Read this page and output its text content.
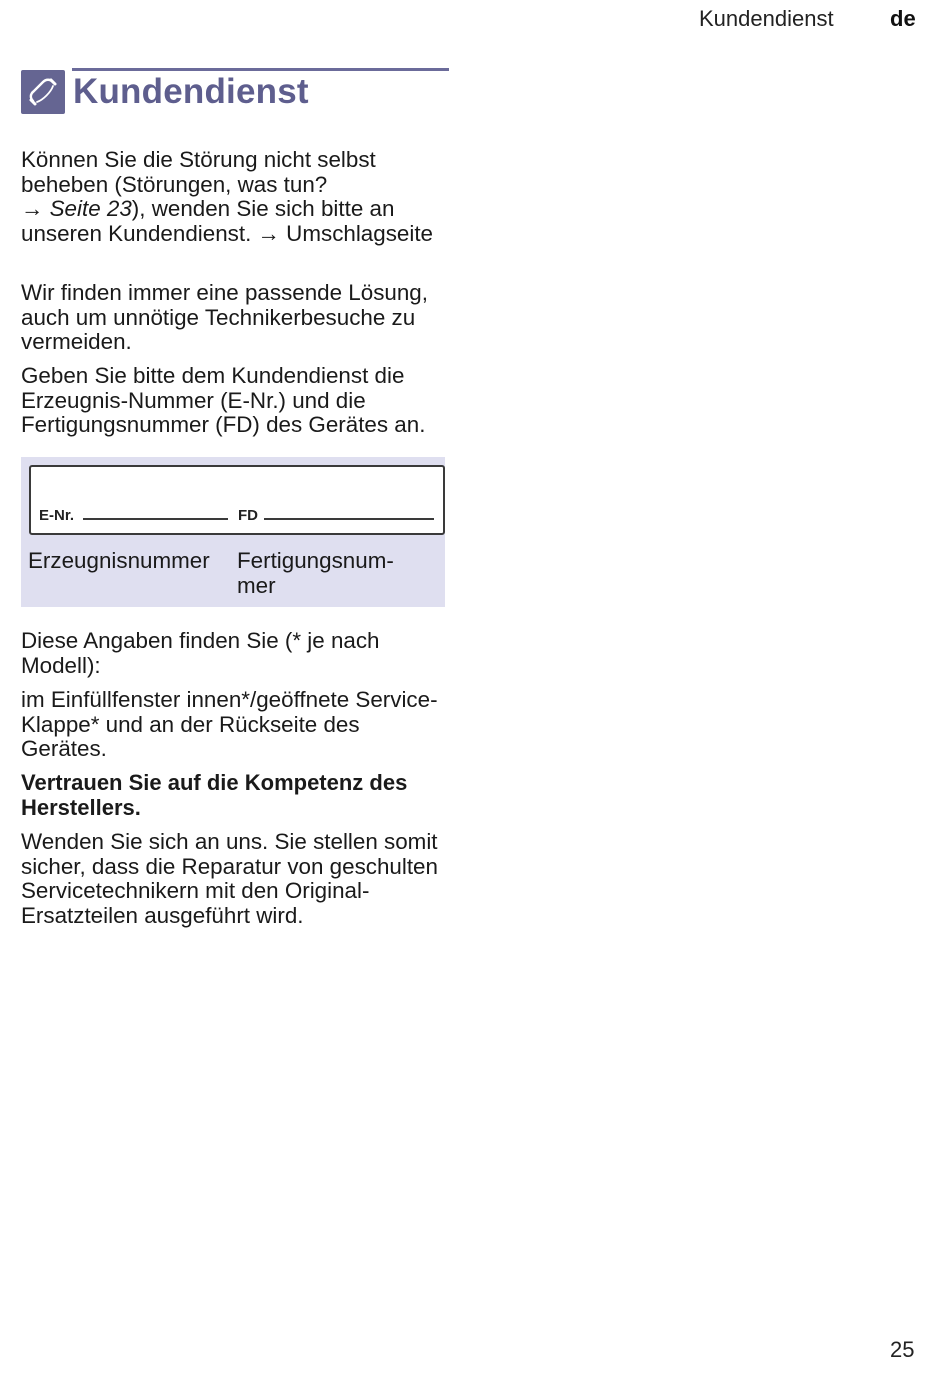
Kundendienst	de
Kundendienst
Können Sie die Störung nicht selbst beheben (Störungen, was tun?
→ Seite 23), wenden Sie sich bitte an unseren Kundendienst. → Umschlagseite
Wir finden immer eine passende Lösung, auch um unnötige Technikerbesuche zu vermeiden.
Geben Sie bitte dem Kundendienst die Erzeugnis-Nummer (E-Nr.) und die Fertigungsnummer (FD) des Gerätes an.
E-Nr.	FD
Erzeugnisnummer	Fertigungsnum-
mer
Diese Angaben finden Sie (* je nach Modell):
im Einfüllfenster innen*/geöffnete Service-Klappe* und an der Rückseite des Gerätes.
Vertrauen Sie auf die Kompetenz des Herstellers.
Wenden Sie sich an uns. Sie stellen somit sicher, dass die Reparatur von geschulten Servicetechnikern mit den Original-Ersatzteilen ausgeführt wird.
25
